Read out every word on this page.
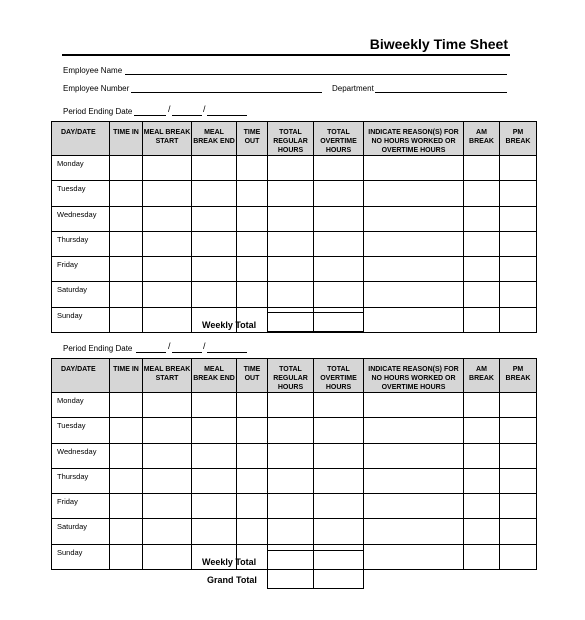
Biweekly Time Sheet
Employee Name
Employee Number	Department
Period Ending Date	/	/
DAY/DATE	TIME IN	MEAL BREAK START	MEAL BREAK END	TIME OUT	TOTAL REGULAR HOURS	TOTAL OVERTIME HOURS	INDICATE REASON(S) FOR NO HOURS WORKED OR OVERTIME HOURS	AM BREAK	PM BREAK
Monday									
Tuesday									
Wednesday									
Thursday									
Friday									
Saturday									
Sunday									
Weekly Total

Period Ending Date	/	/
DAY/DATE	TIME IN	MEAL BREAK START	MEAL BREAK END	TIME OUT	TOTAL REGULAR HOURS	TOTAL OVERTIME HOURS	INDICATE REASON(S) FOR NO HOURS WORKED OR OVERTIME HOURS	AM BREAK	PM BREAK
Monday									
Tuesday									
Wednesday									
Thursday									
Friday									
Saturday									
Sunday									
Weekly Total
Grand Total
